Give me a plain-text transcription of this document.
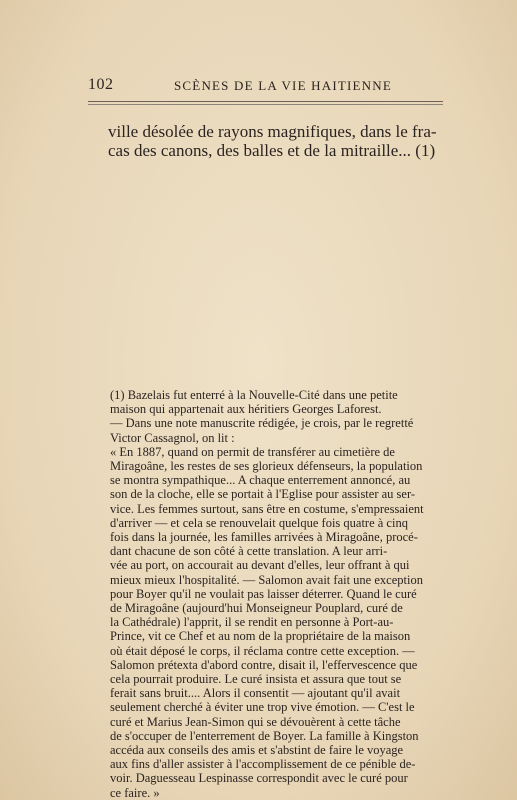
102	SCÈNES DE LA VIE HAITIENNE

ville désolée de rayons magnifiques, dans le fra-

cas des canons, des balles et de la mitraille... (1)

(1) Bazelais fut enterré à la Nouvelle-Cité dans une petite

maison qui appartenait aux héritiers Georges Laforest.

— Dans une note manuscrite rédigée, je crois, par le regretté

Victor Cassagnol, on lit :

« En 1887, quand on permit de transférer au cimetière de

Miragoâne, les restes de ses glorieux défenseurs, la population

se montra sympathique... A chaque enterrement annoncé, au

son de la cloche, elle se portait à l'Eglise pour assister au ser-

vice. Les femmes surtout, sans être en costume, s'empressaient

d'arriver — et cela se renouvelait quelque fois quatre à cinq

fois dans la journée, les familles arrivées à Miragoâne, procé-

dant chacune de son côté à cette translation. A leur arri-

vée au port, on accourait au devant d'elles, leur offrant à qui

mieux mieux l'hospitalité. — Salomon avait fait une exception

pour Boyer qu'il ne voulait pas laisser déterrer. Quand le curé

de Miragoâne (aujourd'hui Monseigneur Pouplard, curé de

la Cathédrale) l'apprit, il se rendit en personne à Port-au-

Prince, vit ce Chef et au nom de la propriétaire de la maison

où était déposé le corps, il réclama contre cette exception. —

Salomon prétexta d'abord contre, disait il, l'effervescence que

cela pourrait produire. Le curé insista et assura que tout se

ferait sans bruit.... Alors il consentit — ajoutant qu'il avait

seulement cherché à éviter une trop vive émotion. — C'est le

curé et Marius Jean-Simon qui se dévouèrent à cette tâche

de s'occuper de l'enterrement de Boyer. La famille à Kingston

accéda aux conseils des amis et s'abstint de faire le voyage

aux fins d'aller assister à l'accomplissement de ce pénible de-

voir. Daguesseau Lespinasse correspondit avec le curé pour

ce faire. »
